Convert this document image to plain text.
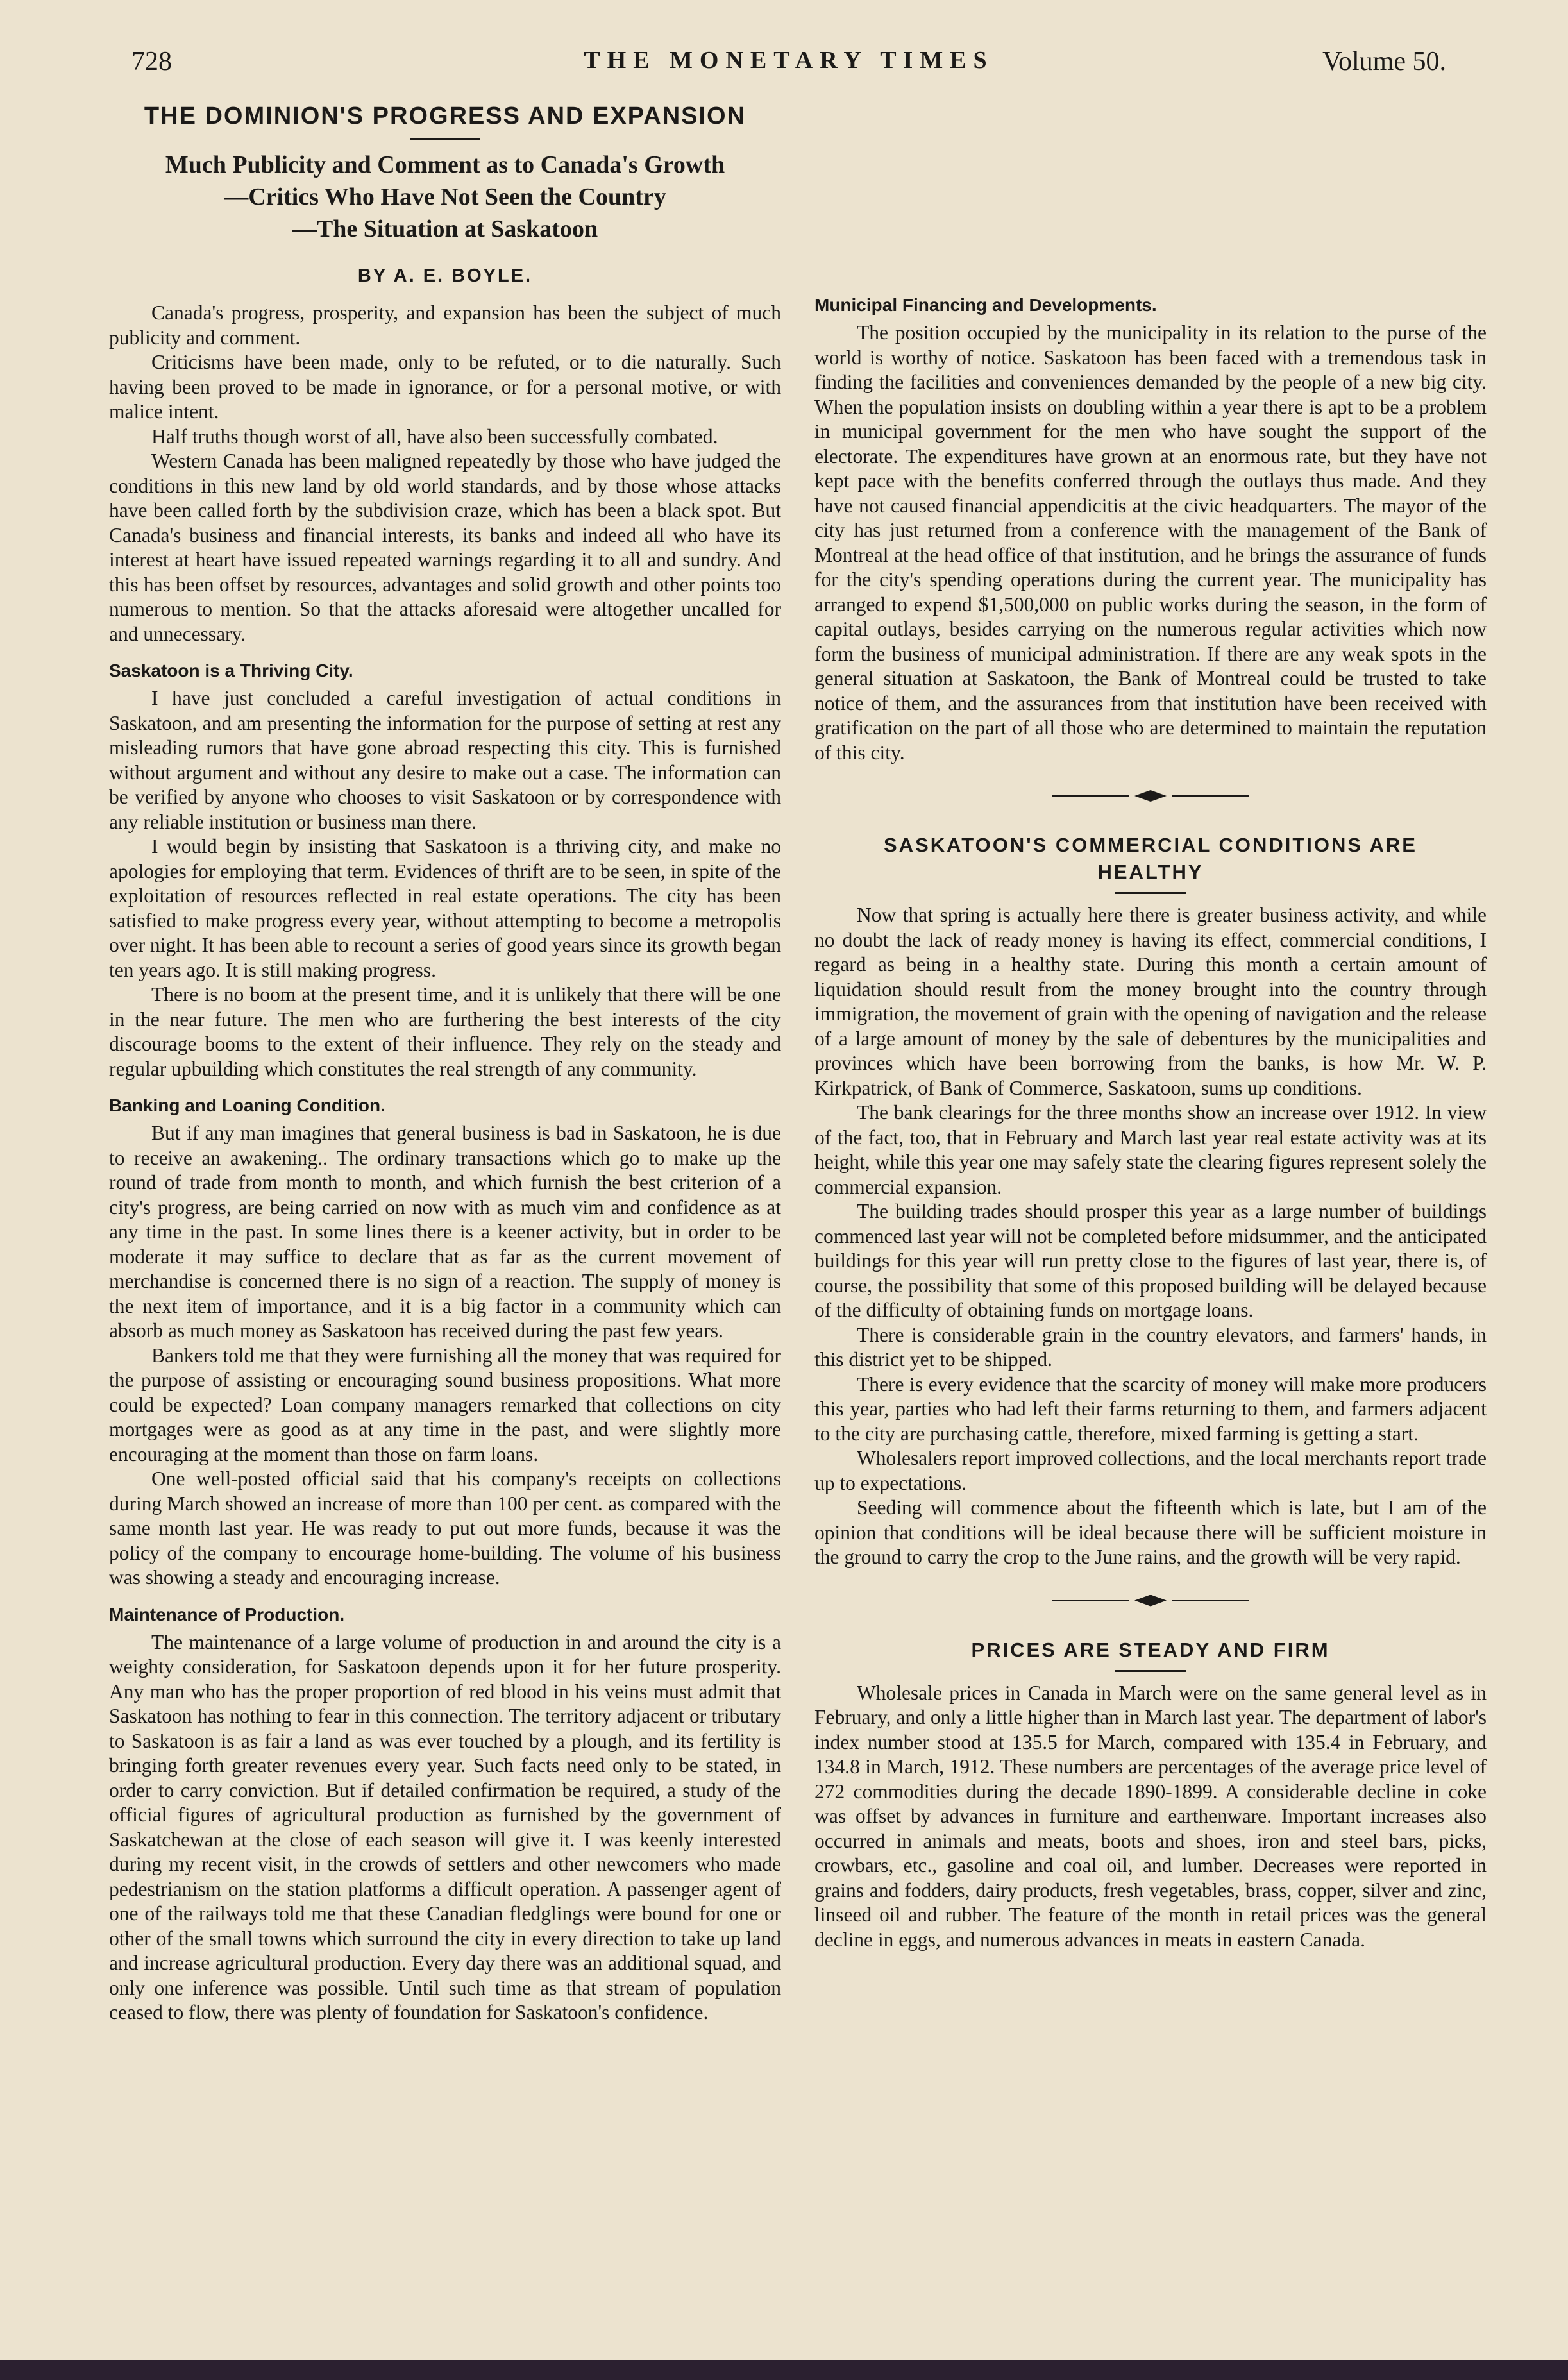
728	THE MONETARY TIMES	Volume 50.
THE DOMINION'S PROGRESS AND EXPANSION
Much Publicity and Comment as to Canada's Growth
—Critics Who Have Not Seen the Country
—The Situation at Saskatoon
BY A. E. BOYLE.

Canada's progress, prosperity, and expansion has been the subject of much publicity and comment.

Criticisms have been made, only to be refuted, or to die naturally. Such having been proved to be made in ignorance, or for a personal motive, or with malice intent.

Half truths though worst of all, have also been successfully combated.

Western Canada has been maligned repeatedly by those who have judged the conditions in this new land by old world standards, and by those whose attacks have been called forth by the subdivision craze, which has been a black spot. But Canada's business and financial interests, its banks and indeed all who have its interest at heart have issued repeated warnings regarding it to all and sundry. And this has been offset by resources, advantages and solid growth and other points too numerous to mention. So that the attacks aforesaid were altogether uncalled for and unnecessary.

Saskatoon is a Thriving City.

I have just concluded a careful investigation of actual conditions in Saskatoon, and am presenting the information for the purpose of setting at rest any misleading rumors that have gone abroad respecting this city. This is furnished without argument and without any desire to make out a case. The information can be verified by anyone who chooses to visit Saskatoon or by correspondence with any reliable institution or business man there.

I would begin by insisting that Saskatoon is a thriving city, and make no apologies for employing that term. Evidences of thrift are to be seen, in spite of the exploitation of resources reflected in real estate operations. The city has been satisfied to make progress every year, without attempting to become a metropolis over night. It has been able to recount a series of good years since its growth began ten years ago. It is still making progress.

There is no boom at the present time, and it is unlikely that there will be one in the near future. The men who are furthering the best interests of the city discourage booms to the extent of their influence. They rely on the steady and regular upbuilding which constitutes the real strength of any community.

Banking and Loaning Condition.

But if any man imagines that general business is bad in Saskatoon, he is due to receive an awakening.. The ordinary transactions which go to make up the round of trade from month to month, and which furnish the best criterion of a city's progress, are being carried on now with as much vim and confidence as at any time in the past. In some lines there is a keener activity, but in order to be moderate it may suffice to declare that as far as the current movement of merchandise is concerned there is no sign of a reaction. The supply of money is the next item of importance, and it is a big factor in a community which can absorb as much money as Saskatoon has received during the past few years.

Bankers told me that they were furnishing all the money that was required for the purpose of assisting or encouraging sound business propositions. What more could be expected? Loan company managers remarked that collections on city mortgages were as good as at any time in the past, and were slightly more encouraging at the moment than those on farm loans.

One well-posted official said that his company's receipts on collections during March showed an increase of more than 100 per cent. as compared with the same month last year. He was ready to put out more funds, because it was the policy of the company to encourage home-building. The volume of his business was showing a steady and encouraging increase.

Maintenance of Production.

The maintenance of a large volume of production in and around the city is a weighty consideration, for Saskatoon depends upon it for her future prosperity. Any man who has the proper proportion of red blood in his veins must admit that Saskatoon has nothing to fear in this connection. The territory adjacent or tributary to Saskatoon is as fair a land as was ever touched by a plough, and its fertility is bringing forth greater revenues every year. Such facts need only to be stated, in order to carry conviction. But if detailed confirmation be required, a study of the official figures of agricultural production as furnished by the government of Saskatchewan at the close of each season will give it. I was keenly interested during my recent visit, in the crowds of settlers and other newcomers who made pedestrianism on the station platforms a difficult operation. A passenger agent of one of the railways told me that these Canadian fledglings were bound for one or other of the small towns which surround the city in every direction to take up land and increase agricultural production. Every day there was an additional squad, and only one inference was possible. Until such time as that stream of population ceased to flow, there was plenty of foundation for Saskatoon's confidence.

Municipal Financing and Developments.

The position occupied by the municipality in its relation to the purse of the world is worthy of notice. Saskatoon has been faced with a tremendous task in finding the facilities and conveniences demanded by the people of a new big city. When the population insists on doubling within a year there is apt to be a problem in municipal government for the men who have sought the support of the electorate. The expenditures have grown at an enormous rate, but they have not kept pace with the benefits conferred through the outlays thus made. And they have not caused financial appendicitis at the civic headquarters. The mayor of the city has just returned from a conference with the management of the Bank of Montreal at the head office of that institution, and he brings the assurance of funds for the city's spending operations during the current year. The municipality has arranged to expend $1,500,000 on public works during the season, in the form of capital outlays, besides carrying on the numerous regular activities which now form the business of municipal administration. If there are any weak spots in the general situation at Saskatoon, the Bank of Montreal could be trusted to take notice of them, and the assurances from that institution have been received with gratification on the part of all those who are determined to maintain the reputation of this city.

SASKATOON'S COMMERCIAL CONDITIONS ARE
HEALTHY

Now that spring is actually here there is greater business activity, and while no doubt the lack of ready money is having its effect, commercial conditions, I regard as being in a healthy state. During this month a certain amount of liquidation should result from the money brought into the country through immigration, the movement of grain with the opening of navigation and the release of a large amount of money by the sale of debentures by the municipalities and provinces which have been borrowing from the banks, is how Mr. W. P. Kirkpatrick, of Bank of Commerce, Saskatoon, sums up conditions.

The bank clearings for the three months show an increase over 1912. In view of the fact, too, that in February and March last year real estate activity was at its height, while this year one may safely state the clearing figures represent solely the commercial expansion.

The building trades should prosper this year as a large number of buildings commenced last year will not be completed before midsummer, and the anticipated buildings for this year will run pretty close to the figures of last year, there is, of course, the possibility that some of this proposed building will be delayed because of the difficulty of obtaining funds on mortgage loans.

There is considerable grain in the country elevators, and farmers' hands, in this district yet to be shipped.

There is every evidence that the scarcity of money will make more producers this year, parties who had left their farms returning to them, and farmers adjacent to the city are purchasing cattle, therefore, mixed farming is getting a start.

Wholesalers report improved collections, and the local merchants report trade up to expectations.

Seeding will commence about the fifteenth which is late, but I am of the opinion that conditions will be ideal because there will be sufficient moisture in the ground to carry the crop to the June rains, and the growth will be very rapid.

PRICES ARE STEADY AND FIRM

Wholesale prices in Canada in March were on the same general level as in February, and only a little higher than in March last year. The department of labor's index number stood at 135.5 for March, compared with 135.4 in February, and 134.8 in March, 1912. These numbers are percentages of the average price level of 272 commodities during the decade 1890-1899. A considerable decline in coke was offset by advances in furniture and earthenware. Important increases also occurred in animals and meats, boots and shoes, iron and steel bars, picks, crowbars, etc., gasoline and coal oil, and lumber. Decreases were reported in grains and fodders, dairy products, fresh vegetables, brass, copper, silver and zinc, linseed oil and rubber. The feature of the month in retail prices was the general decline in eggs, and numerous advances in meats in eastern Canada.
